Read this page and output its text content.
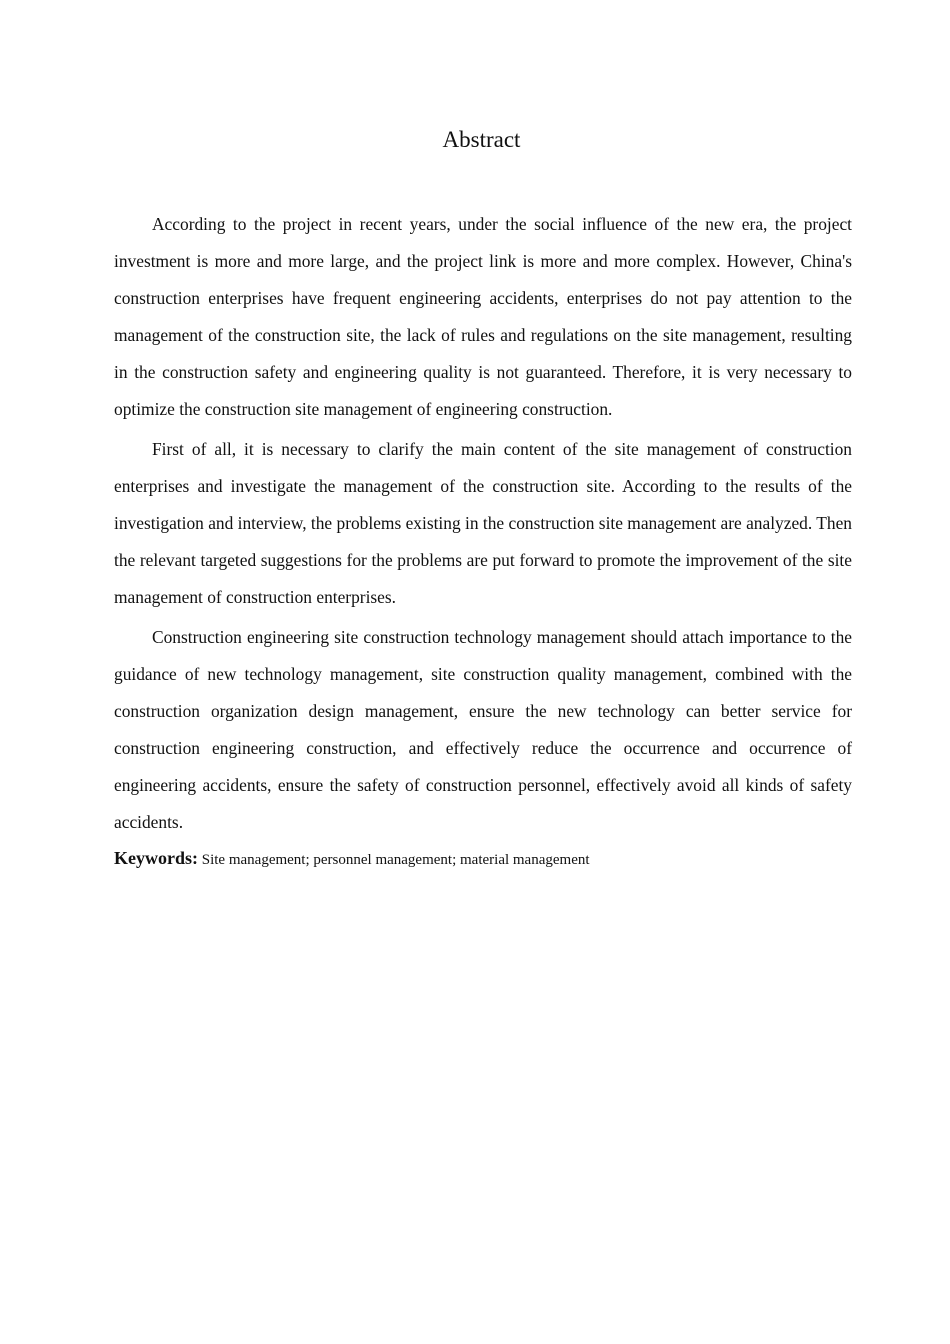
Abstract

According to the project in recent years, under the social influence of the new era, the project investment is more and more large, and the project link is more and more complex. However, China's construction enterprises have frequent engineering accidents, enterprises do not pay attention to the management of the construction site, the lack of rules and regulations on the site management, resulting in the construction safety and engineering quality is not guaranteed. Therefore, it is very necessary to optimize the construction site management of engineering construction.

First of all, it is necessary to clarify the main content of the site management of construction enterprises and investigate the management of the construction site. According to the results of the investigation and interview, the problems existing in the construction site management are analyzed. Then the relevant targeted suggestions for the problems are put forward to promote the improvement of the site management of construction enterprises.

Construction engineering site construction technology management should attach importance to the guidance of new technology management, site construction quality management, combined with the construction organization design management, ensure the new technology can better service for construction engineering construction, and effectively reduce the occurrence and occurrence of engineering accidents, ensure the safety of construction personnel, effectively avoid all kinds of safety accidents.

Keywords: Site management; personnel management; material management
